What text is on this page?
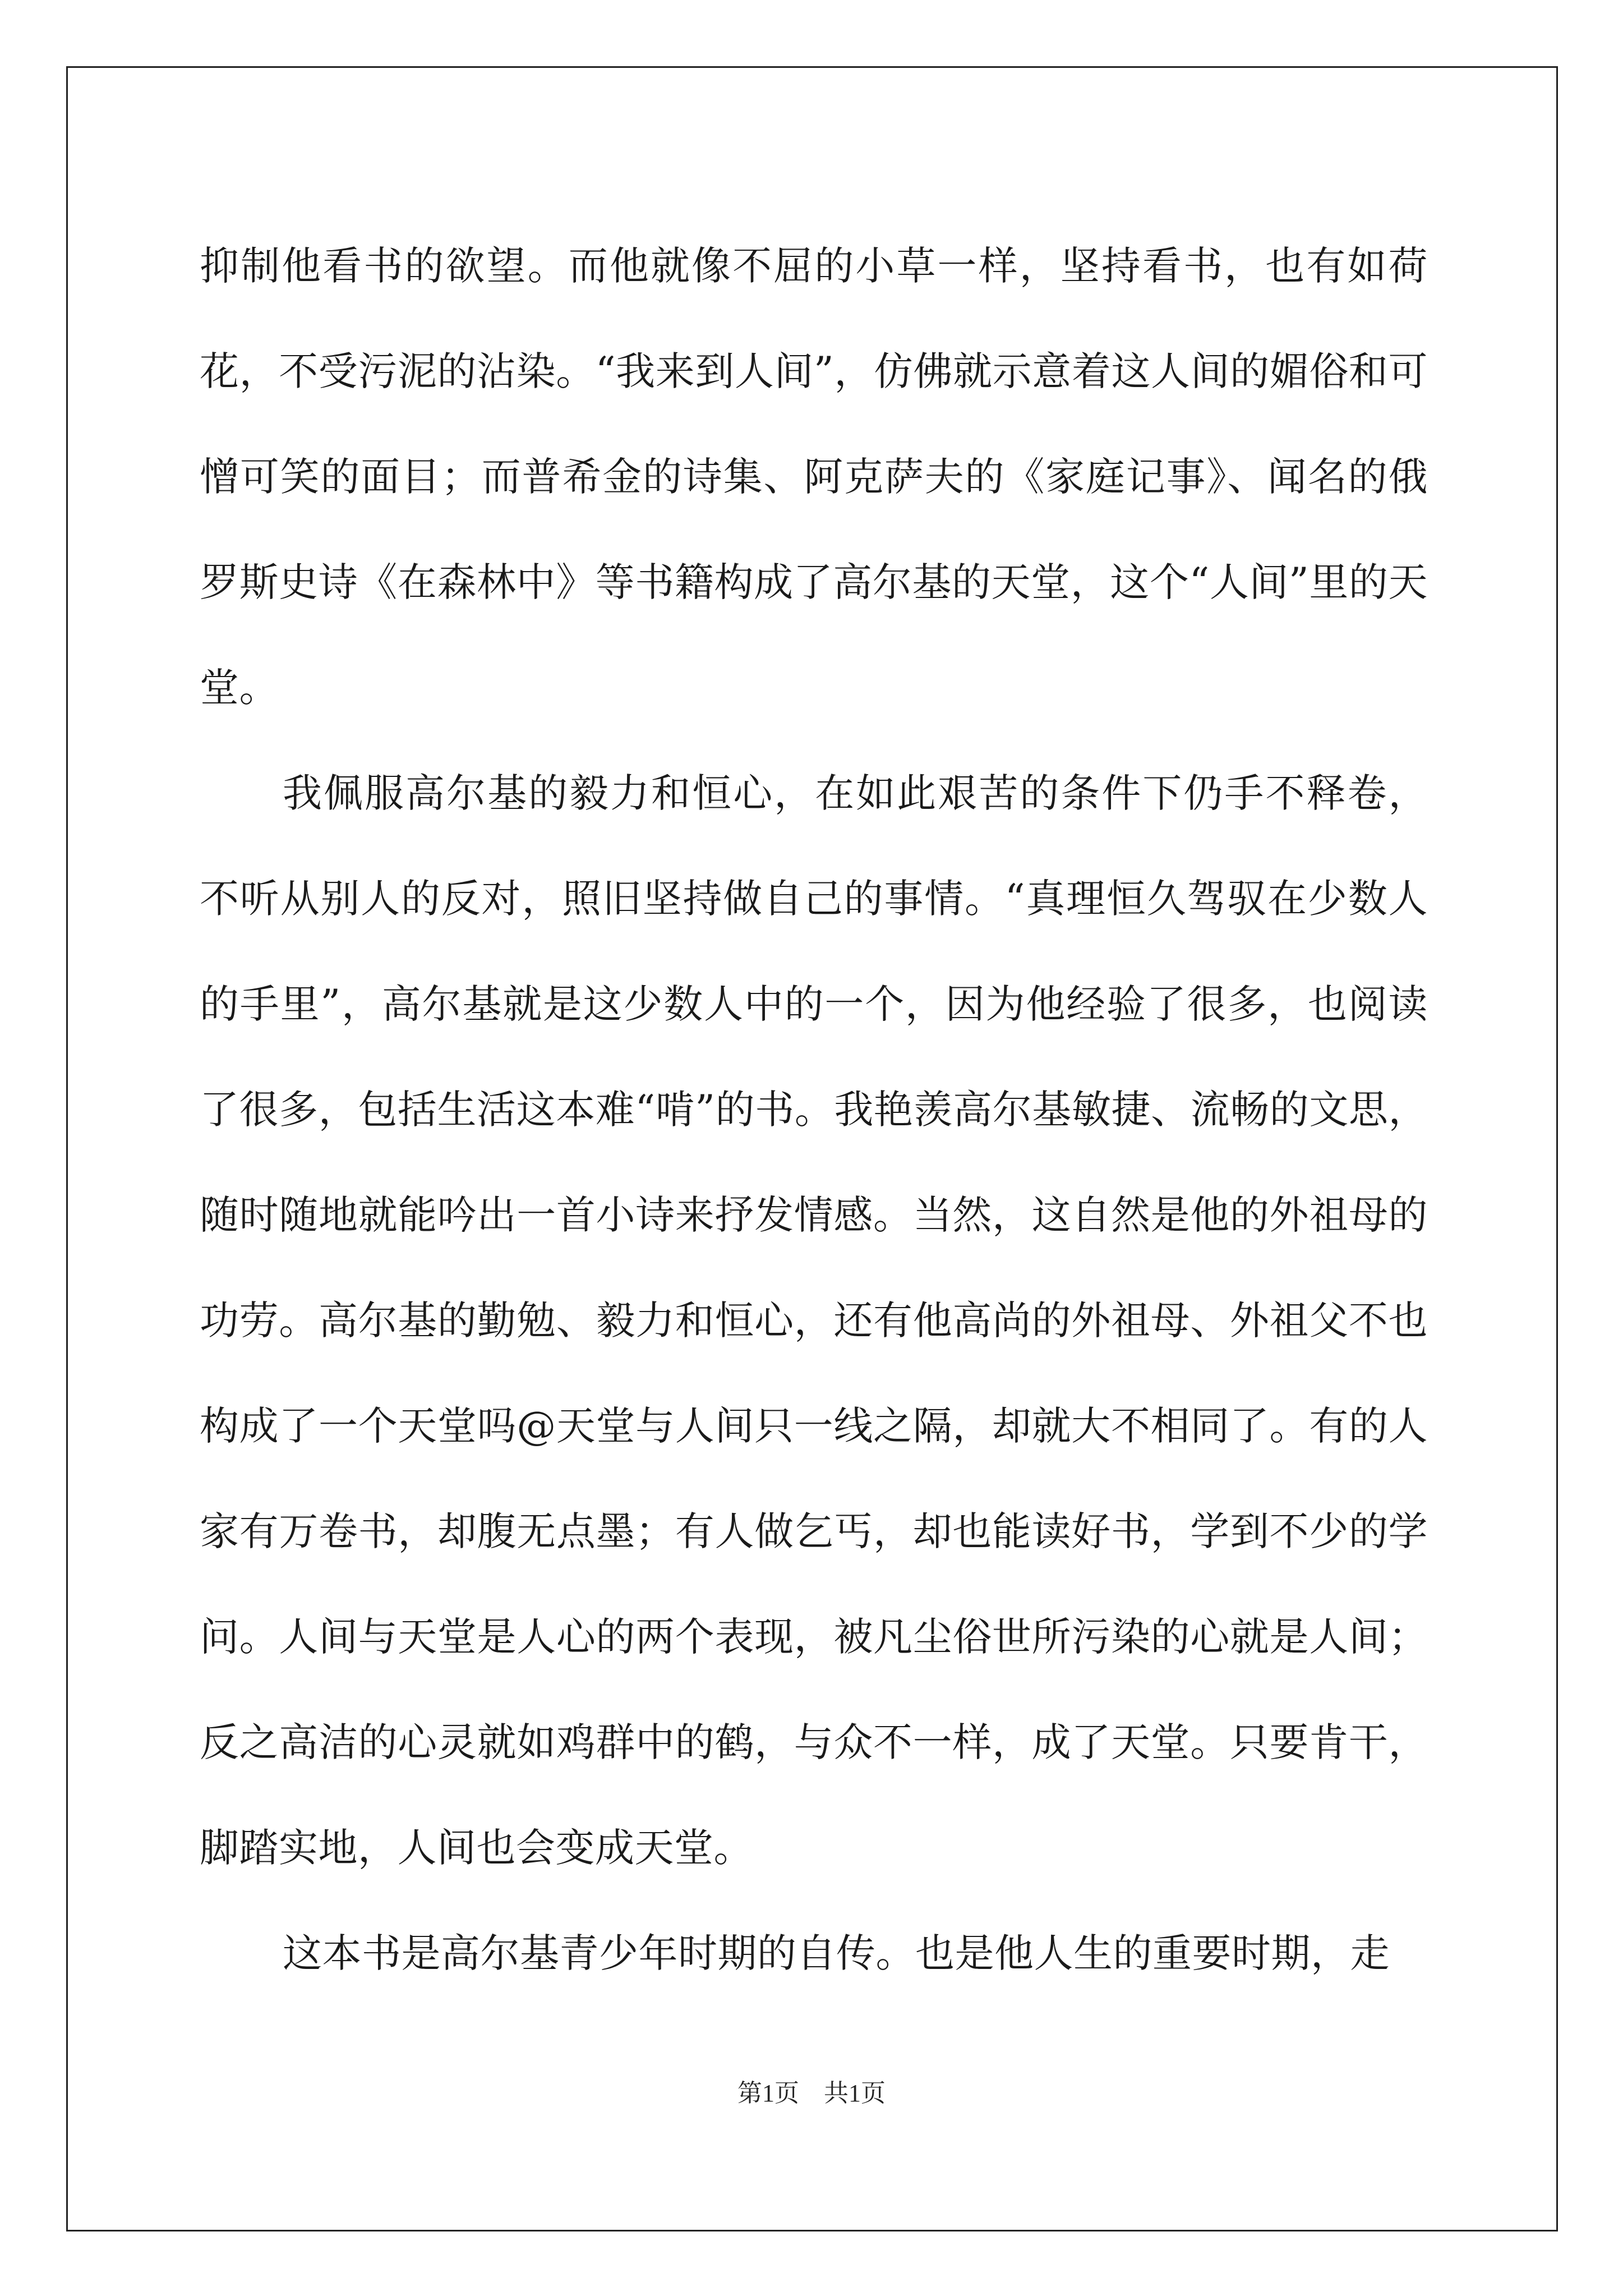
抑制他看书的欲望。而他就像不屈的小草一样，坚持看书，也有如荷花，不受污泥的沾染。“我来到人间”，仿佛就示意着这人间的媚俗和可憎可笑的面目；而普希金的诗集、阿克萨夫的《家庭记事》、闻名的俄罗斯史诗《在森林中》等书籍构成了高尔基的天堂，这个“人间”里的天堂。

我佩服高尔基的毅力和恒心，在如此艰苦的条件下仍手不释卷，不听从别人的反对，照旧坚持做自己的事情。“真理恒久驾驭在少数人的手里”，高尔基就是这少数人中的一个，因为他经验了很多，也阅读了很多，包括生活这本难“啃”的书。我艳羡高尔基敏捷、流畅的文思，随时随地就能吟出一首小诗来抒发情感。当然，这自然是他的外祖母的功劳。高尔基的勤勉、毅力和恒心，还有他高尚的外祖母、外祖父不也构成了一个天堂吗@天堂与人间只一线之隔，却就大不相同了。有的人家有万卷书，却腹无点墨；有人做乞丐，却也能读好书，学到不少的学问。人间与天堂是人心的两个表现，被凡尘俗世所污染的心就是人间；反之高洁的心灵就如鸡群中的鹤，与众不一样，成了天堂。只要肯干，脚踏实地，人间也会变成天堂。

这本书是高尔基青少年时期的自传。也是他人生的重要时期，走

第1页　共1页
